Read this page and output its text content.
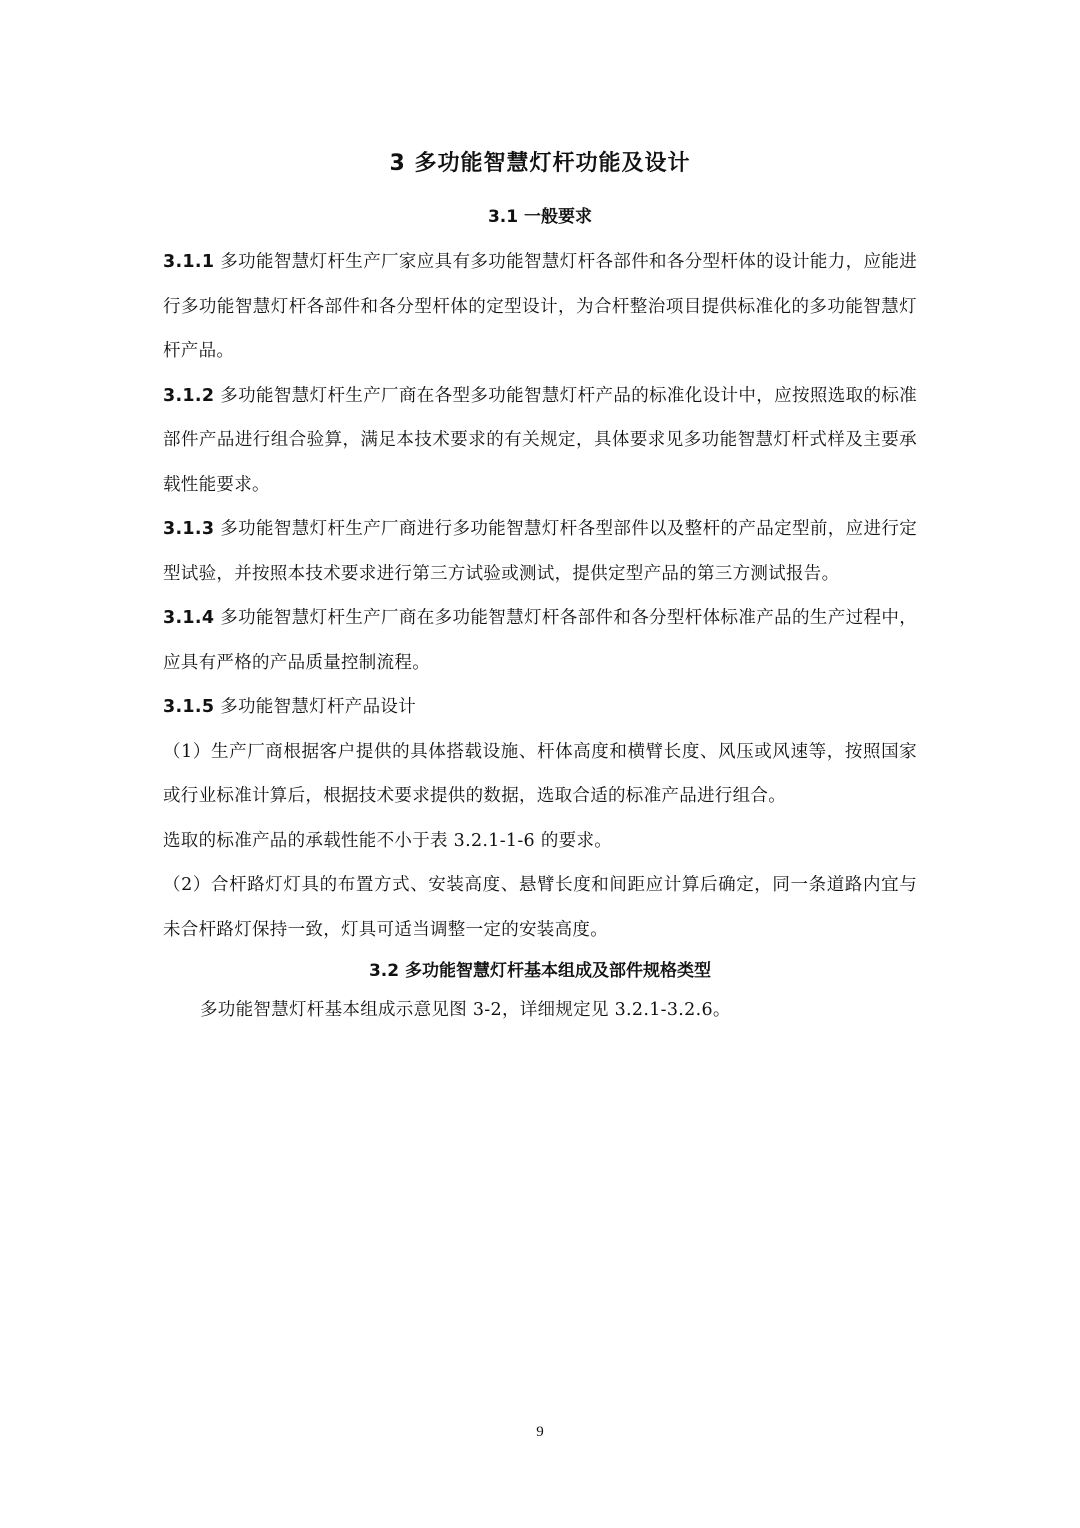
3 多功能智慧灯杆功能及设计
3.1 一般要求

3.1.1 多功能智慧灯杆生产厂家应具有多功能智慧灯杆各部件和各分型杆体的设计能力，应能进行多功能智慧灯杆各部件和各分型杆体的定型设计，为合杆整治项目提供标准化的多功能智慧灯杆产品。

3.1.2 多功能智慧灯杆生产厂商在各型多功能智慧灯杆产品的标准化设计中，应按照选取的标准部件产品进行组合验算，满足本技术要求的有关规定，具体要求见多功能智慧灯杆式样及主要承载性能要求。

3.1.3 多功能智慧灯杆生产厂商进行多功能智慧灯杆各型部件以及整杆的产品定型前，应进行定型试验，并按照本技术要求进行第三方试验或测试，提供定型产品的第三方测试报告。

3.1.4 多功能智慧灯杆生产厂商在多功能智慧灯杆各部件和各分型杆体标准产品的生产过程中，应具有严格的产品质量控制流程。

3.1.5 多功能智慧灯杆产品设计

（1）生产厂商根据客户提供的具体搭载设施、杆体高度和横臂长度、风压或风速等，按照国家或行业标准计算后，根据技术要求提供的数据，选取合适的标准产品进行组合。

选取的标准产品的承载性能不小于表 3.2.1-1-6 的要求。

（2）合杆路灯灯具的布置方式、安装高度、悬臂长度和间距应计算后确定，同一条道路内宜与未合杆路灯保持一致，灯具可适当调整一定的安装高度。

3.2 多功能智慧灯杆基本组成及部件规格类型
多功能智慧灯杆基本组成示意见图 3-2，详细规定见 3.2.1-3.2.6。
9
